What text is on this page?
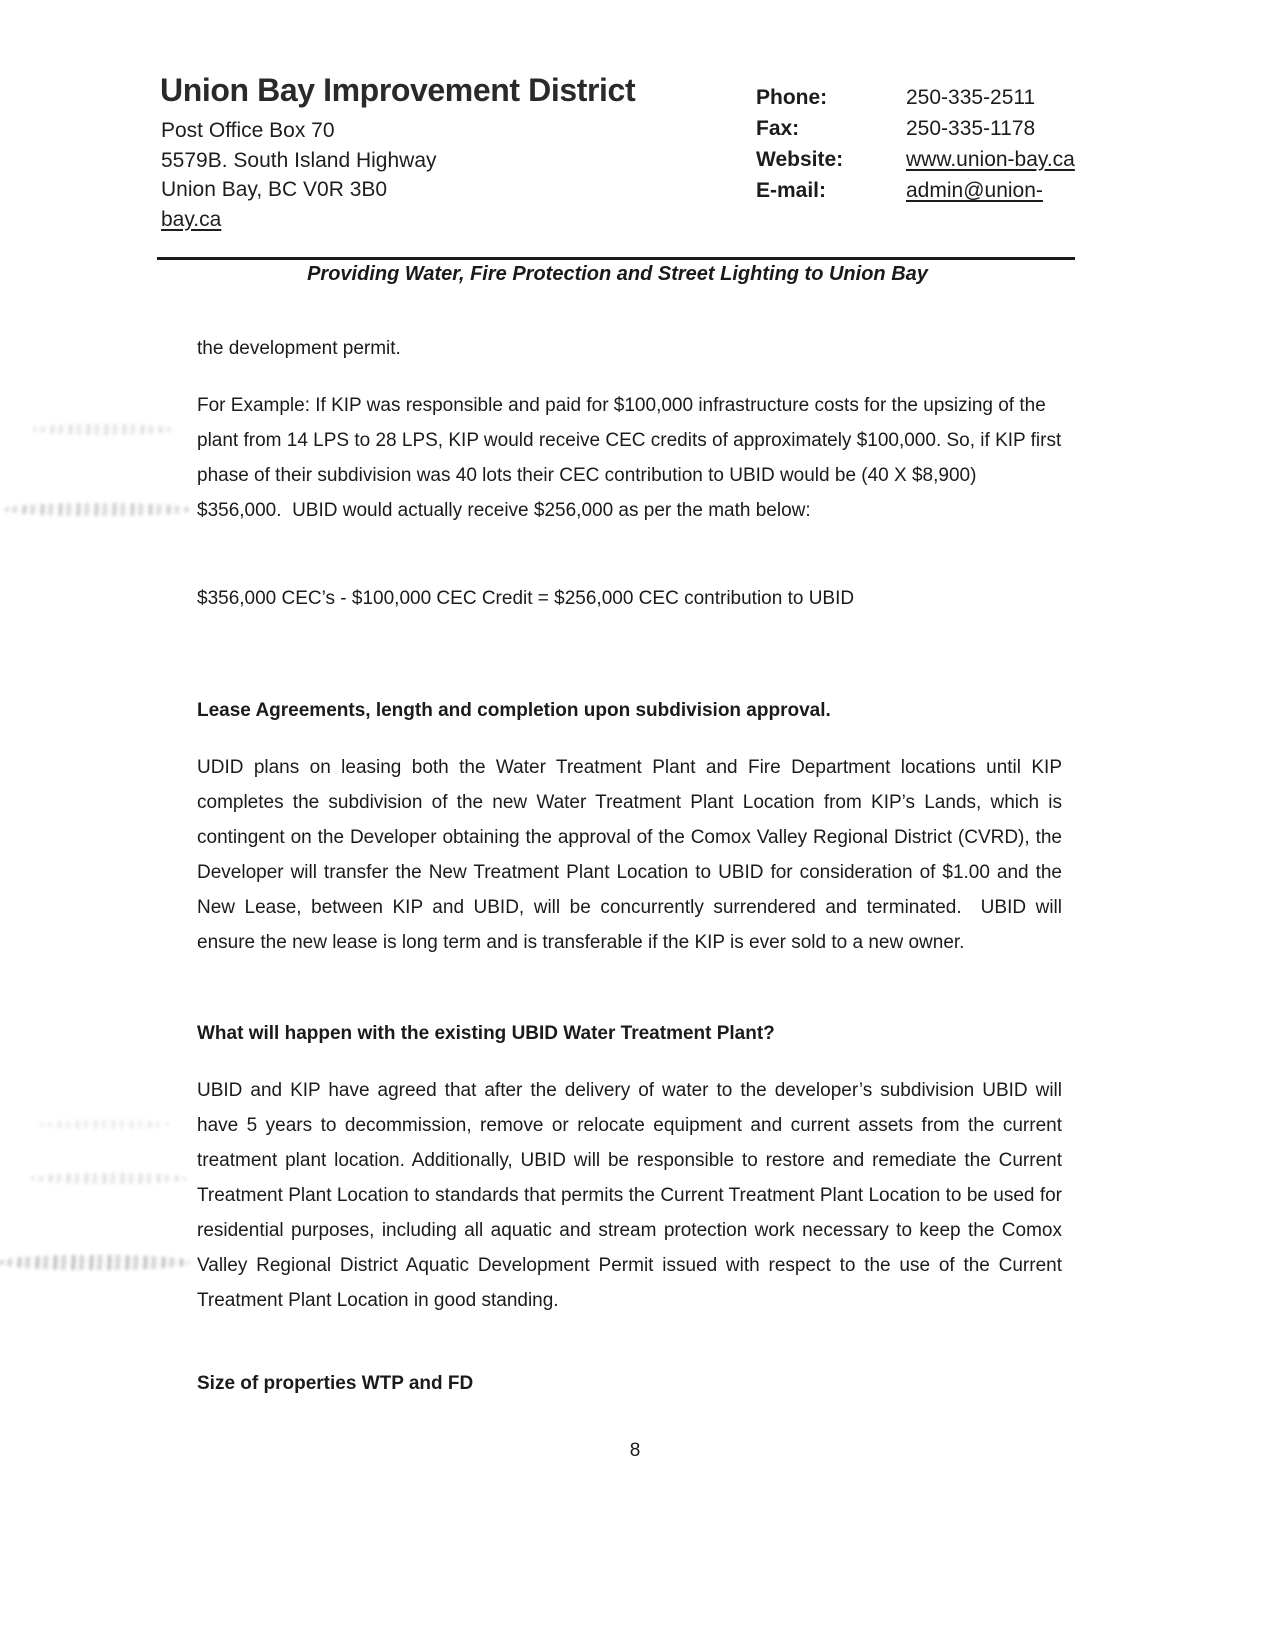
Union Bay Improvement District
Post Office Box 70
5579B. South Island Highway
Union Bay, BC V0R 3B0
bay.ca
Phone:	250-335-2511
Fax:	250-335-1178
Website:	www.union-bay.ca
E-mail:	admin@union-
Providing Water, Fire Protection and Street Lighting to Union Bay
the development permit.
For Example: If KIP was responsible and paid for $100,000 infrastructure costs for the upsizing of the plant from 14 LPS to 28 LPS, KIP would receive CEC credits of approximately $100,000. So, if KIP first phase of their subdivision was 40 lots their CEC contribution to UBID would be (40 X $8,900) $356,000.  UBID would actually receive $256,000 as per the math below:
$356,000 CEC’s - $100,000 CEC Credit = $256,000 CEC contribution to UBID
Lease Agreements, length and completion upon subdivision approval.
UDID plans on leasing both the Water Treatment Plant and Fire Department locations until KIP completes the subdivision of the new Water Treatment Plant Location from KIP’s Lands, which is contingent on the Developer obtaining the approval of the Comox Valley Regional District (CVRD), the Developer will transfer the New Treatment Plant Location to UBID for consideration of $1.00 and the New Lease, between KIP and UBID, will be concurrently surrendered and terminated.  UBID will ensure the new lease is long term and is transferable if the KIP is ever sold to a new owner.
What will happen with the existing UBID Water Treatment Plant?
UBID and KIP have agreed that after the delivery of water to the developer’s subdivision UBID will have 5 years to decommission, remove or relocate equipment and current assets from the current treatment plant location. Additionally, UBID will be responsible to restore and remediate the Current Treatment Plant Location to standards that permits the Current Treatment Plant Location to be used for residential purposes, including all aquatic and stream protection work necessary to keep the Comox Valley Regional District Aquatic Development Permit issued with respect to the use of the Current Treatment Plant Location in good standing.
Size of properties WTP and FD
8
